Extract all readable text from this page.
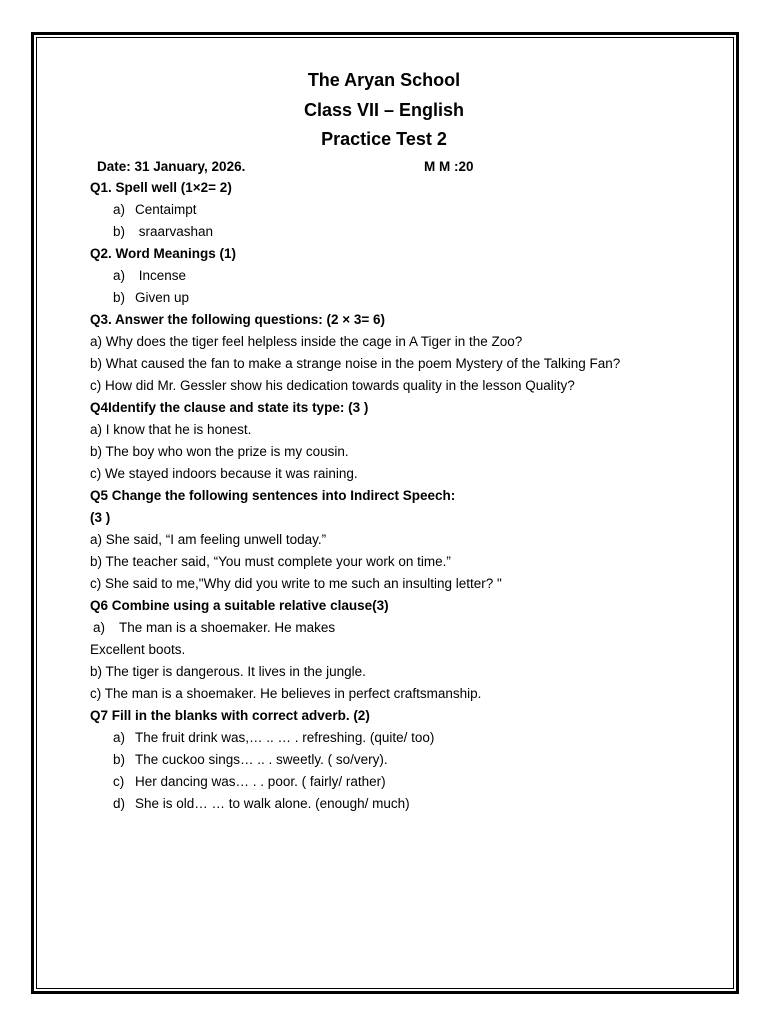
The Aryan School
Class VII – English
Practice Test 2
Date: 31 January, 2026.	M M :20
Q1. Spell well (1×2= 2)
a) Centaimpt
b) sraarvashan
Q2. Word Meanings (1)
a) Incense
b) Given up
Q3. Answer the following questions: (2 × 3= 6)
a) Why does the tiger feel helpless inside the cage in A Tiger in the Zoo?
b) What caused the fan to make a strange noise in the poem Mystery of the Talking Fan?
c) How did Mr. Gessler show his dedication towards quality in the lesson Quality?
Q4Identify the clause and state its type: (3 )
a) I know that he is honest.
b) The boy who won the prize is my cousin.
c) We stayed indoors because it was raining.
Q5 Change the following sentences into Indirect Speech:
(3 )
a) She said, “I am feeling unwell today.”
b) The teacher said, “You must complete your work on time.”
c) She said to me,"Why did you write to me such an insulting letter? "
Q6 Combine using a suitable relative clause(3)
a) The man is a shoemaker. He makes
Excellent boots.
b) The tiger is dangerous. It lives in the jungle.
c) The man is a shoemaker. He believes in perfect craftsmanship.
Q7 Fill in the blanks with correct adverb. (2)
a) The fruit drink was,… .. … . refreshing. (quite/ too)
b) The cuckoo sings… .. . sweetly. ( so/very).
c) Her dancing was… . . poor. ( fairly/ rather)
d) She is old… … to walk alone. (enough/ much)
